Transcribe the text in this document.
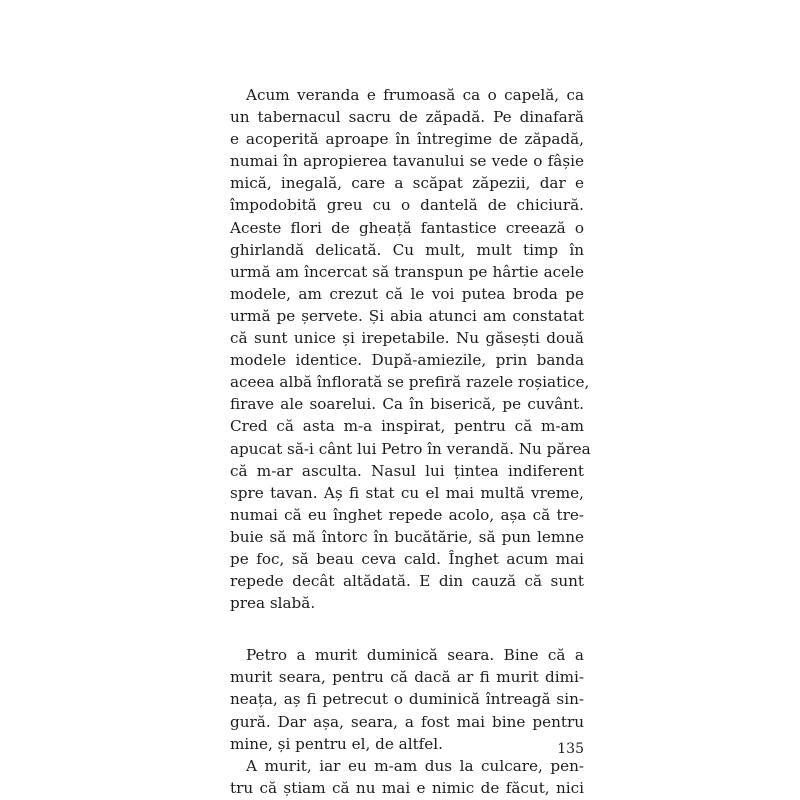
Acum veranda e frumoasă ca o capelă, ca
un tabernacul sacru de zăpadă. Pe dinafară
e acoperită aproape în întregime de zăpadă,
numai în apropierea tavanului se vede o fâșie
mică, inegală, care a scăpat zăpezii, dar e
împodobită greu cu o dantelă de chiciură.
Aceste flori de gheață fantastice creează o
ghirlandă delicată. Cu mult, mult timp în
urmă am încercat să transpun pe hârtie acele
modele, am crezut că le voi putea broda pe
urmă pe șervete. Și abia atunci am constatat
că sunt unice și irepetabile. Nu găsești două
modele identice. După-amiezile, prin banda
aceea albă înflorată se prefiră razele roșiatice,
firave ale soarelui. Ca în biserică, pe cuvânt.
Cred că asta m-a inspirat, pentru că m-am
apucat să-i cânt lui Petro în verandă. Nu părea
că m-ar asculta. Nasul lui țintea indiferent
spre tavan. Aș fi stat cu el mai multă vreme,
numai că eu înghet repede acolo, așa că tre-
buie să mă întorc în bucătărie, să pun lemne
pe foc, să beau ceva cald. Înghet acum mai
repede decât altădată. E din cauză că sunt
prea slabă.
Petro a murit duminică seara. Bine că a
murit seara, pentru că dacă ar fi murit dimi-
neața, aș fi petrecut o duminică întreagă sin-
gură. Dar așa, seara, a fost mai bine pentru
mine, și pentru el, de altfel.
A murit, iar eu m-am dus la culcare, pen-
tru că știam că nu mai e nimic de făcut, nici
135
